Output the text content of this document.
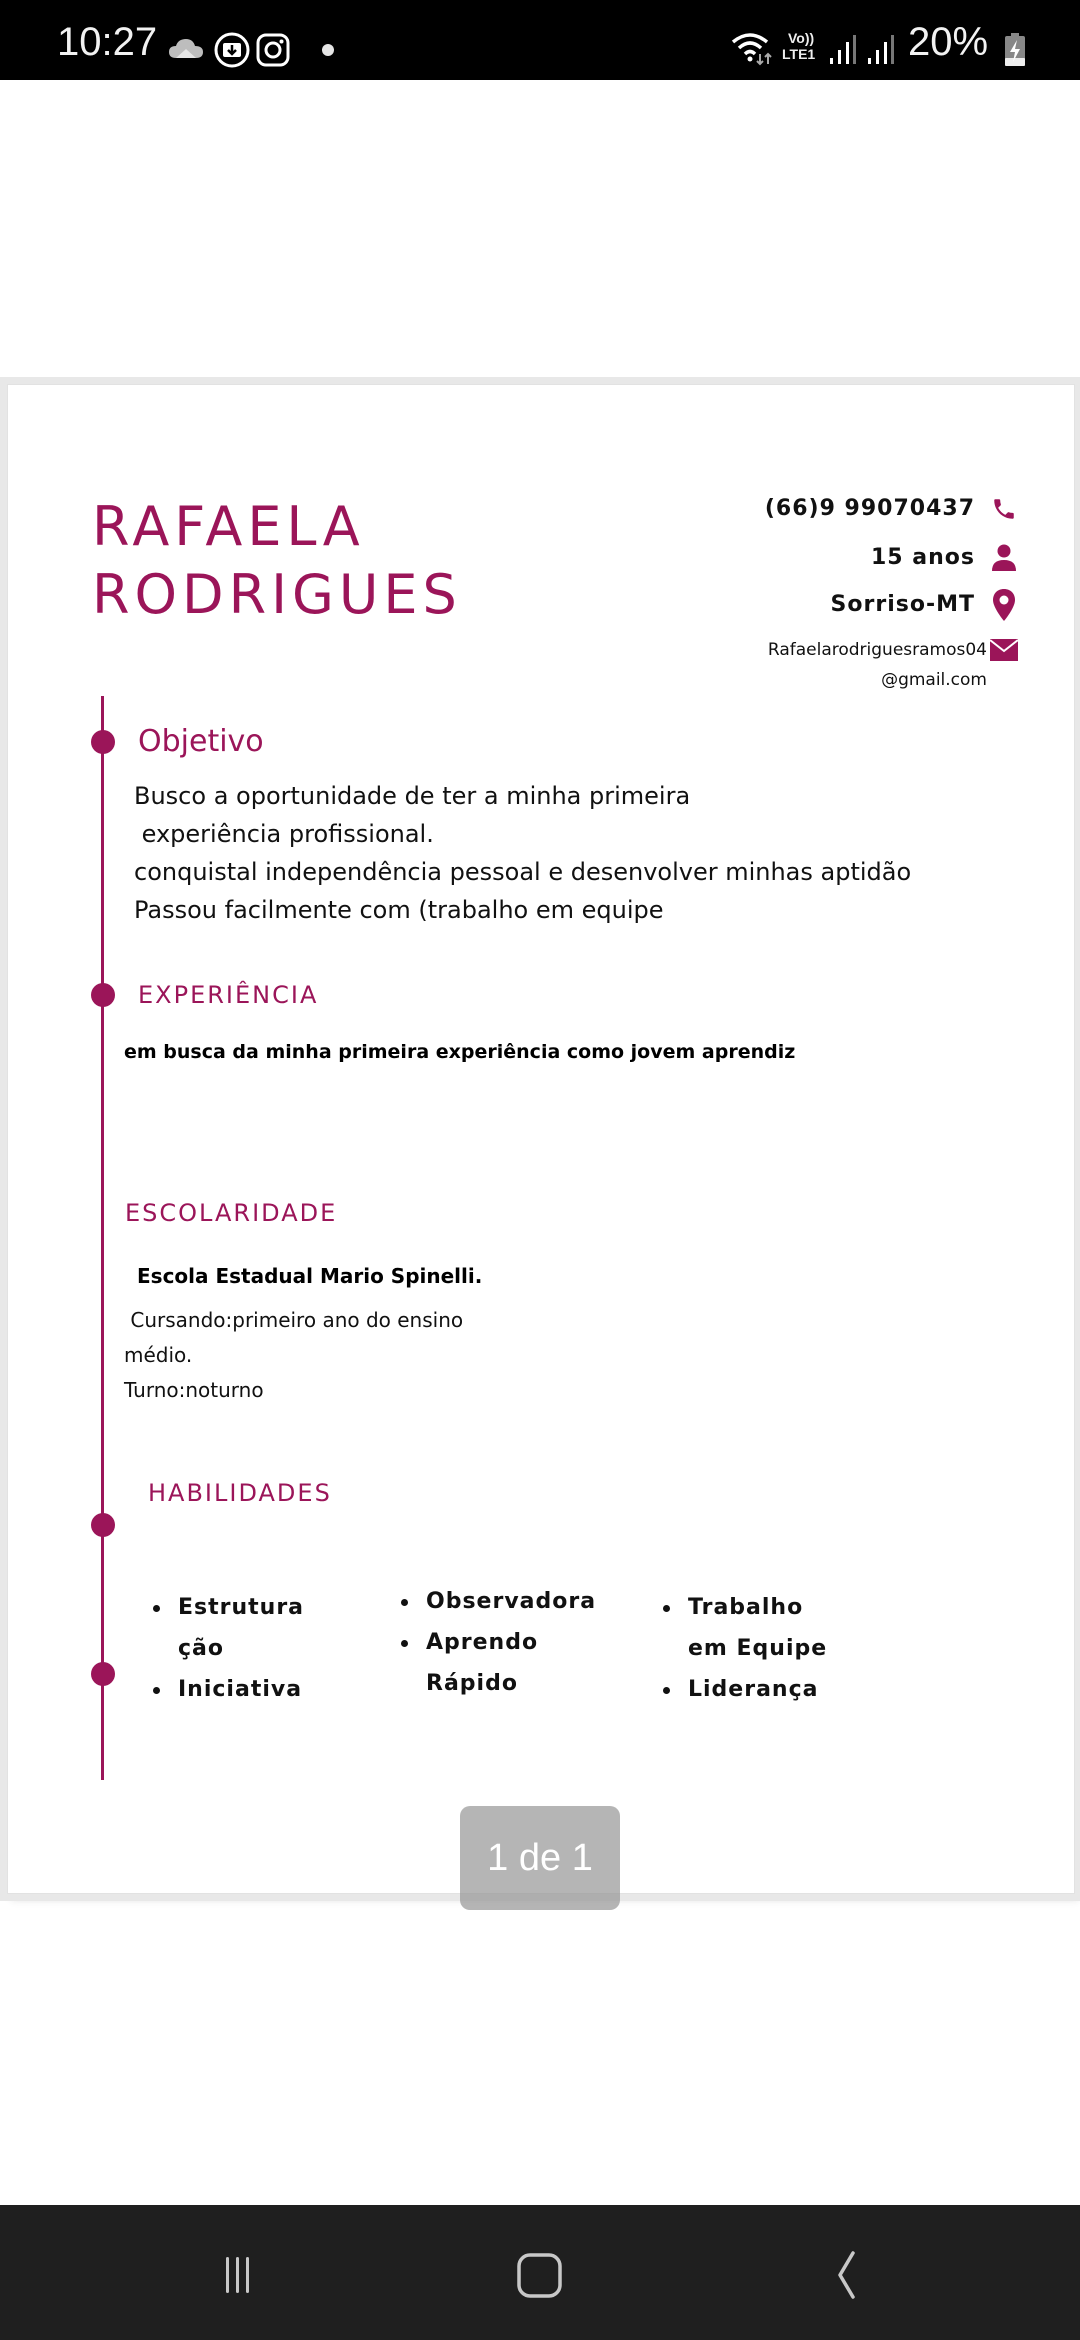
10:27	Vo))
LTE1 20%
RAFAELA
RODRIGUES
(66)9 99070437
15 anos
Sorriso-MT
Rafaelarodriguesramos04
@gmail.com
Objetivo
Busco a oportunidade de ter a minha primeira
experiência profissional.
conquistal independência pessoal e desenvolver minhas aptidão
Passou facilmente com (trabalho em equipe
EXPERIÊNCIA
em busca da minha primeira experiência como jovem aprendiz
ESCOLARIDADE
Escola Estadual Mario Spinelli.
Cursando:primeiro ano do ensino
médio.
Turno:noturno
HABILIDADES
Estrutura
ção
Iniciativa
Observadora
Aprendo
Rápido
Trabalho
em Equipe
Liderança
1 de 1
